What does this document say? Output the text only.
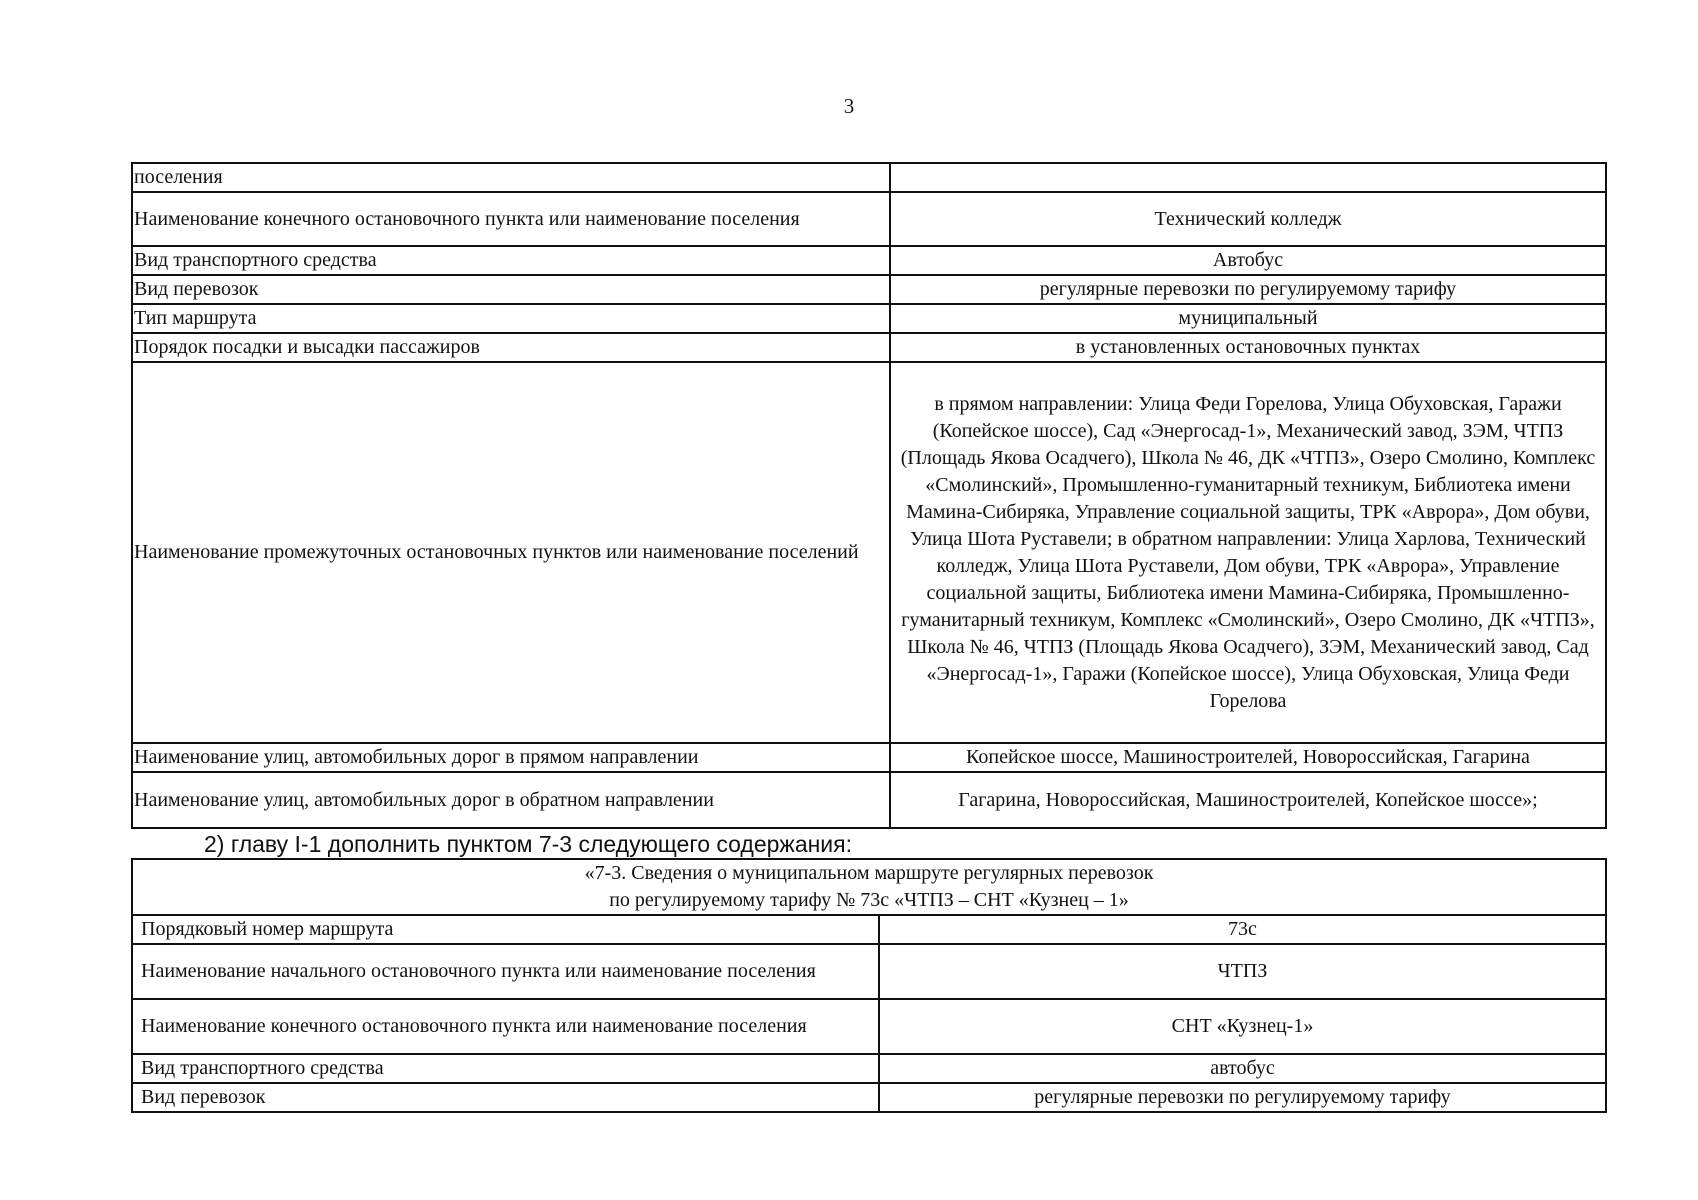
3
поселения	
Наименование конечного остановочного пункта или наименование поселения	Технический колледж
Вид транспортного средства	Автобус
Вид перевозок	регулярные перевозки по регулируемому тарифу
Тип маршрута	муниципальный
Порядок посадки и высадки пассажиров	в установленных остановочных пунктах
Наименование промежуточных остановочных пунктов или наименование поселений	в прямом направлении: Улица Феди Горелова, Улица Обуховская, Гаражи (Копейское шоссе), Сад «Энергосад-1», Механический завод, ЗЭМ, ЧТПЗ (Площадь Якова Осадчего), Школа № 46, ДК «ЧТПЗ», Озеро Смолино, Комплекс «Смолинский», Промышленно-гуманитарный техникум, Библиотека имени Мамина-Сибиряка, Управление социальной защиты, ТРК «Аврора», Дом обуви, Улица Шота Руставели; в обратном направлении: Улица Харлова, Технический колледж, Улица Шота Руставели, Дом обуви, ТРК «Аврора», Управление социальной защиты, Библиотека имени Мамина-Сибиряка, Промышленно-гуманитарный техникум, Комплекс «Смолинский», Озеро Смолино, ДК «ЧТПЗ», Школа № 46, ЧТПЗ (Площадь Якова Осадчего), ЗЭМ, Механический завод, Сад «Энергосад-1», Гаражи (Копейское шоссе), Улица Обуховская, Улица Феди Горелова
Наименование улиц, автомобильных дорог в прямом направлении	Копейское шоссе, Машиностроителей, Новороссийская, Гагарина
Наименование улиц, автомобильных дорог в обратном направлении	Гагарина, Новороссийская, Машиностроителей, Копейское шоссе»;
2) главу I-1 дополнить пунктом 7-3 следующего содержания:
«7-3. Сведения о муниципальном маршруте регулярных перевозок
по регулируемому тарифу № 73с «ЧТПЗ – СНТ «Кузнец – 1»	

Порядковый номер маршрута	73с
Наименование начального остановочного пункта или наименование поселения	ЧТПЗ
Наименование конечного остановочного пункта или наименование поселения	СНТ «Кузнец-1»
Вид транспортного средства	автобус
Вид перевозок	регулярные перевозки по регулируемому тарифу
